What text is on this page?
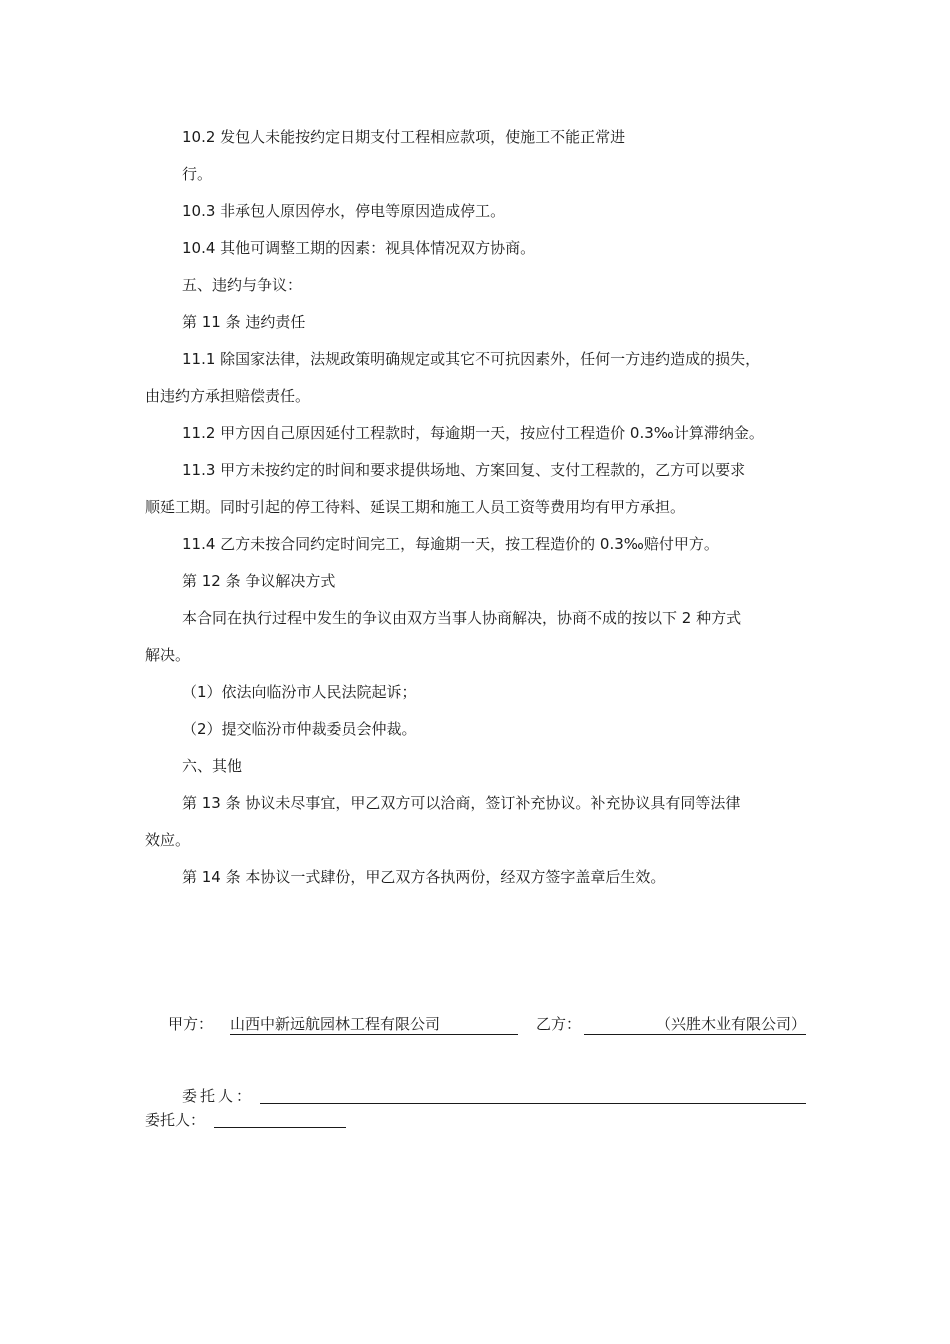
10.2 发包人未能按约定日期支付工程相应款项，使施工不能正常进
行。
10.3 非承包人原因停水，停电等原因造成停工。
10.4 其他可调整工期的因素：视具体情况双方协商。
五、违约与争议：
第 11 条 违约责任
11.1 除国家法律，法规政策明确规定或其它不可抗因素外，任何一方违约造成的损失，
由违约方承担赔偿责任。
11.2 甲方因自己原因延付工程款时，每逾期一天，按应付工程造价 0.3‰计算滞纳金。
11.3 甲方未按约定的时间和要求提供场地、方案回复、支付工程款的，乙方可以要求
顺延工期。同时引起的停工待料、延误工期和施工人员工资等费用均有甲方承担。
11.4 乙方未按合同约定时间完工，每逾期一天，按工程造价的 0.3‰赔付甲方。
第 12 条 争议解决方式
本合同在执行过程中发生的争议由双方当事人协商解决，协商不成的按以下 2 种方式
解决。
（1）依法向临汾市人民法院起诉；
（2）提交临汾市仲裁委员会仲裁。
六、其他
第 13 条 协议未尽事宜，甲乙双方可以洽商，签订补充协议。补充协议具有同等法律
效应。
第 14 条 本协议一式肆份，甲乙双方各执两份，经双方签字盖章后生效。
甲方： 山西中新远航园林工程有限公司	乙方：	（兴胜木业有限公司）
委托人：
委托人：
